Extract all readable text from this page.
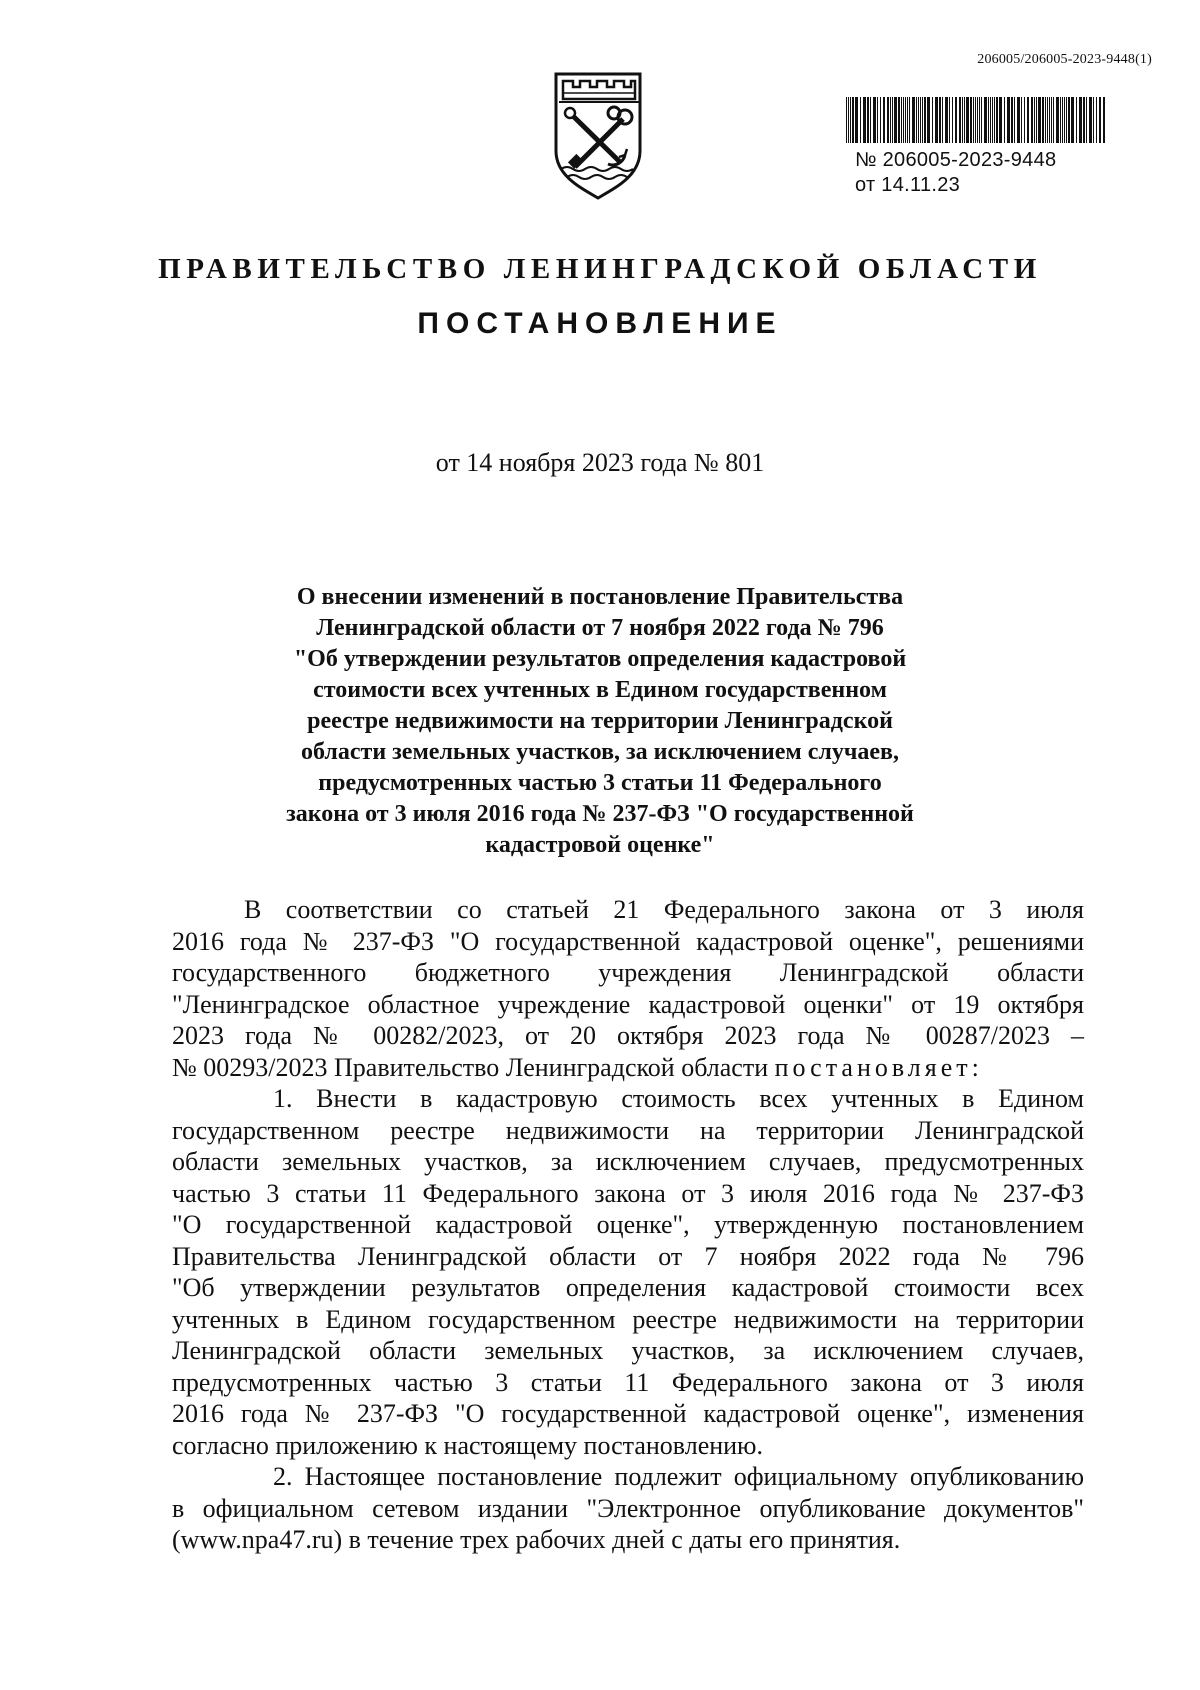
206005/206005-2023-9448(1)
№ 206005-2023-9448
от 14.11.23
ПРАВИТЕЛЬСТВО ЛЕНИНГРАДСКОЙ ОБЛАСТИ
ПОСТАНОВЛЕНИЕ
от 14 ноября 2023 года № 801
О внесении изменений в постановление Правительства
Ленинградской области от 7 ноября 2022 года № 796
"Об утверждении результатов определения кадастровой
стоимости всех учтенных в Едином государственном
реестре недвижимости на территории Ленинградской
области земельных участков, за исключением случаев,
предусмотренных частью 3 статьи 11 Федерального
закона от 3 июля 2016 года № 237-ФЗ "О государственной
кадастровой оценке"
В соответствии со статьей 21 Федерального закона от 3 июля
2016 года № 237-ФЗ "О государственной кадастровой оценке", решениями
государственного бюджетного учреждения Ленинградской области
"Ленинградское областное учреждение кадастровой оценки" от 19 октября
2023 года № 00282/2023, от 20 октября 2023 года № 00287/2023 –
№ 00293/2023 Правительство Ленинградской области постановляет:
1. Внести в кадастровую стоимость всех учтенных в Едином
государственном реестре недвижимости на территории Ленинградской
области земельных участков, за исключением случаев, предусмотренных
частью 3 статьи 11 Федерального закона от 3 июля 2016 года № 237-ФЗ
"О государственной кадастровой оценке", утвержденную постановлением
Правительства Ленинградской области от 7 ноября 2022 года № 796
"Об утверждении результатов определения кадастровой стоимости всех
учтенных в Едином государственном реестре недвижимости на территории
Ленинградской области земельных участков, за исключением случаев,
предусмотренных частью 3 статьи 11 Федерального закона от 3 июля
2016 года № 237-ФЗ "О государственной кадастровой оценке", изменения
согласно приложению к настоящему постановлению.
2. Настоящее постановление подлежит официальному опубликованию
в официальном сетевом издании "Электронное опубликование документов"
(www.npa47.ru) в течение трех рабочих дней с даты его принятия.
